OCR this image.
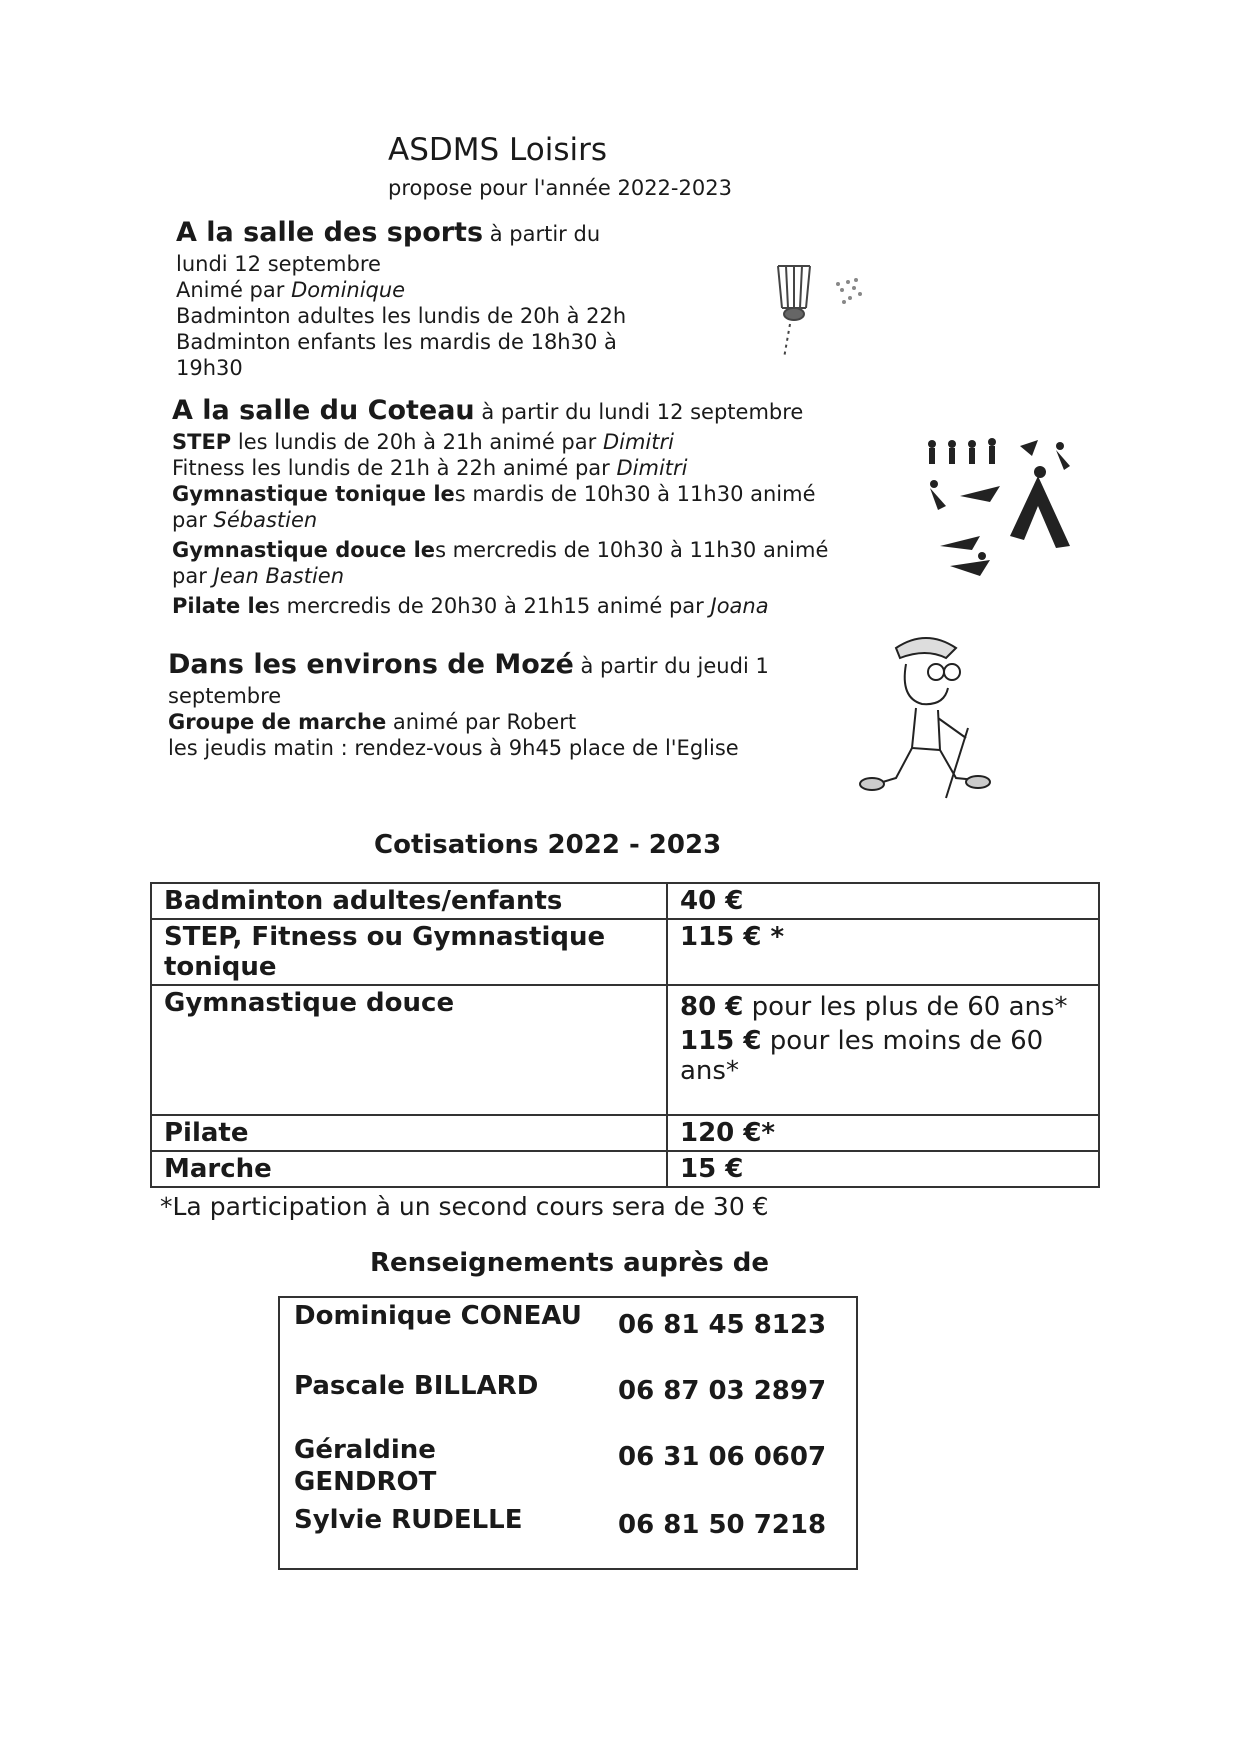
ASDMS Loisirs
propose pour l'année 2022-2023
A la salle des sports à partir du
lundi 12 septembre
Animé par Dominique
Badminton adultes les lundis de 20h à 22h
Badminton enfants les mardis de 18h30 à
19h30
A la salle du Coteau à partir du lundi 12 septembre
STEP les lundis de 20h à 21h animé par Dimitri
Fitness les lundis de 21h à 22h animé par Dimitri
Gymnastique tonique les mardis de 10h30 à 11h30 animé
par Sébastien
Gymnastique douce les mercredis de 10h30 à 11h30 animé
par Jean Bastien
Pilate les mercredis de 20h30 à 21h15 animé par Joana
Dans les environs de Mozé à partir du jeudi 1
septembre
Groupe de marche animé par Robert
les jeudis matin : rendez-vous à 9h45 place de l'Eglise
Cotisations 2022 - 2023
Badminton adultes/enfants	40 €
STEP, Fitness ou Gymnastique tonique	115 € *
Gymnastique douce	80 € pour les plus de 60 ans*
115 € pour les moins de 60 ans*

Pilate	120 €*
Marche	15 €
*La participation à un second cours sera de 30 €
Renseignements auprès de
Dominique CONEAU 06 81 45 8123
Pascale BILLARD	06 87 03 2897
Géraldine GENDROT
06 31 06 0607
Sylvie RUDELLE	06 81 50 7218
